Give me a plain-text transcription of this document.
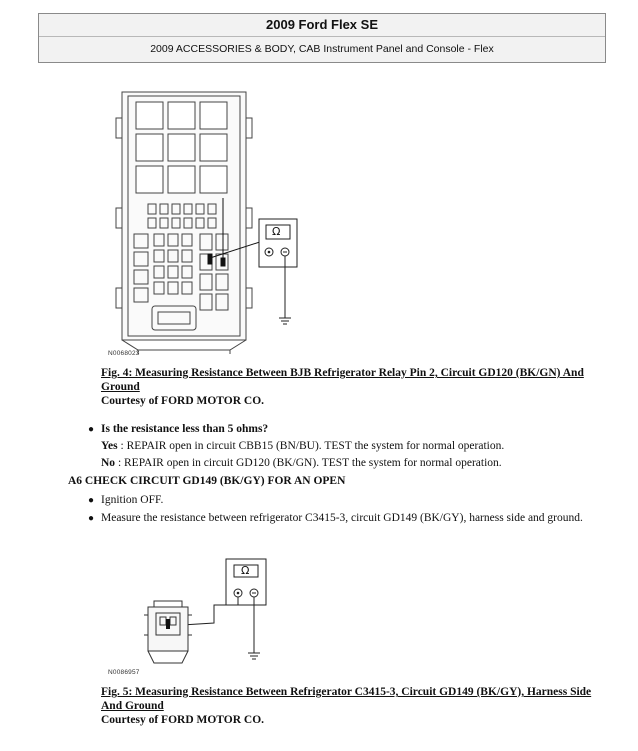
2009 Ford Flex SE
2009 ACCESSORIES & BODY, CAB Instrument Panel and Console - Flex
Ω
N0068023
Fig. 4: Measuring Resistance Between BJB Refrigerator Relay Pin 2, Circuit GD120 (BK/GN) And Ground
Courtesy of FORD MOTOR CO.
● Is the resistance less than 5 ohms?
Yes : REPAIR open in circuit CBB15 (BN/BU). TEST the system for normal operation.
No : REPAIR open in circuit GD120 (BK/GN). TEST the system for normal operation.
A6 CHECK CIRCUIT GD149 (BK/GY) FOR AN OPEN
● Ignition OFF.
● Measure the resistance between refrigerator C3415-3, circuit GD149 (BK/GY), harness side and ground.
Ω
N0086957
Fig. 5: Measuring Resistance Between Refrigerator C3415-3, Circuit GD149 (BK/GY), Harness Side And Ground
Courtesy of FORD MOTOR CO.
